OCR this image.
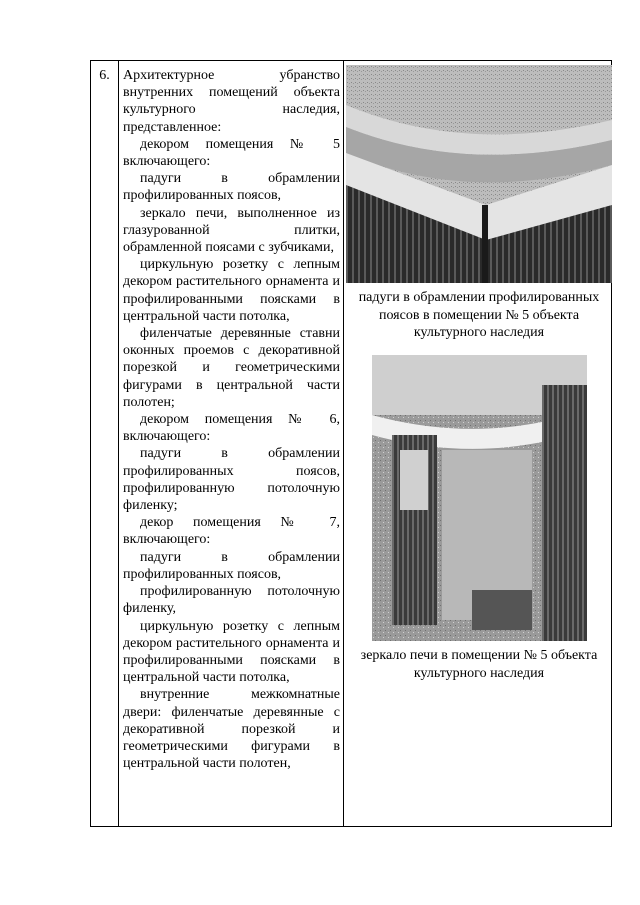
6. Архитектурное убранство внутренних помещений объекта культурного наследия, представленное:

декором помещения № 5 включающего:

падуги в обрамлении профилированных поясов,

зеркало печи, выполненное из глазурованной плитки, обрамленной поясами с зубчиками,

циркульную розетку с лепным декором растительного орнамента и профилированными поясками в центральной части потолка,

филенчатые деревянные ставни оконных проемов с декоративной порезкой и геометрическими фигурами в центральной части полотен;

декором помещения № 6, включающего:

падуги в обрамлении профилированных поясов, профилированную потолочную филенку;

декор помещения № 7, включающего:

падуги в обрамлении профилированных поясов,

профилированную потолочную филенку,

циркульную розетку с лепным декором растительного орнамента и профилированными поясками в центральной части потолка,

внутренние межкомнатные двери: филенчатые деревянные с декоративной порезкой и геометрическими фигурами в центральной части полотен,

падуги в обрамлении профилированных поясов в помещении № 5 объекта культурного наследия
зеркало печи в помещении № 5 объекта культурного наследия
